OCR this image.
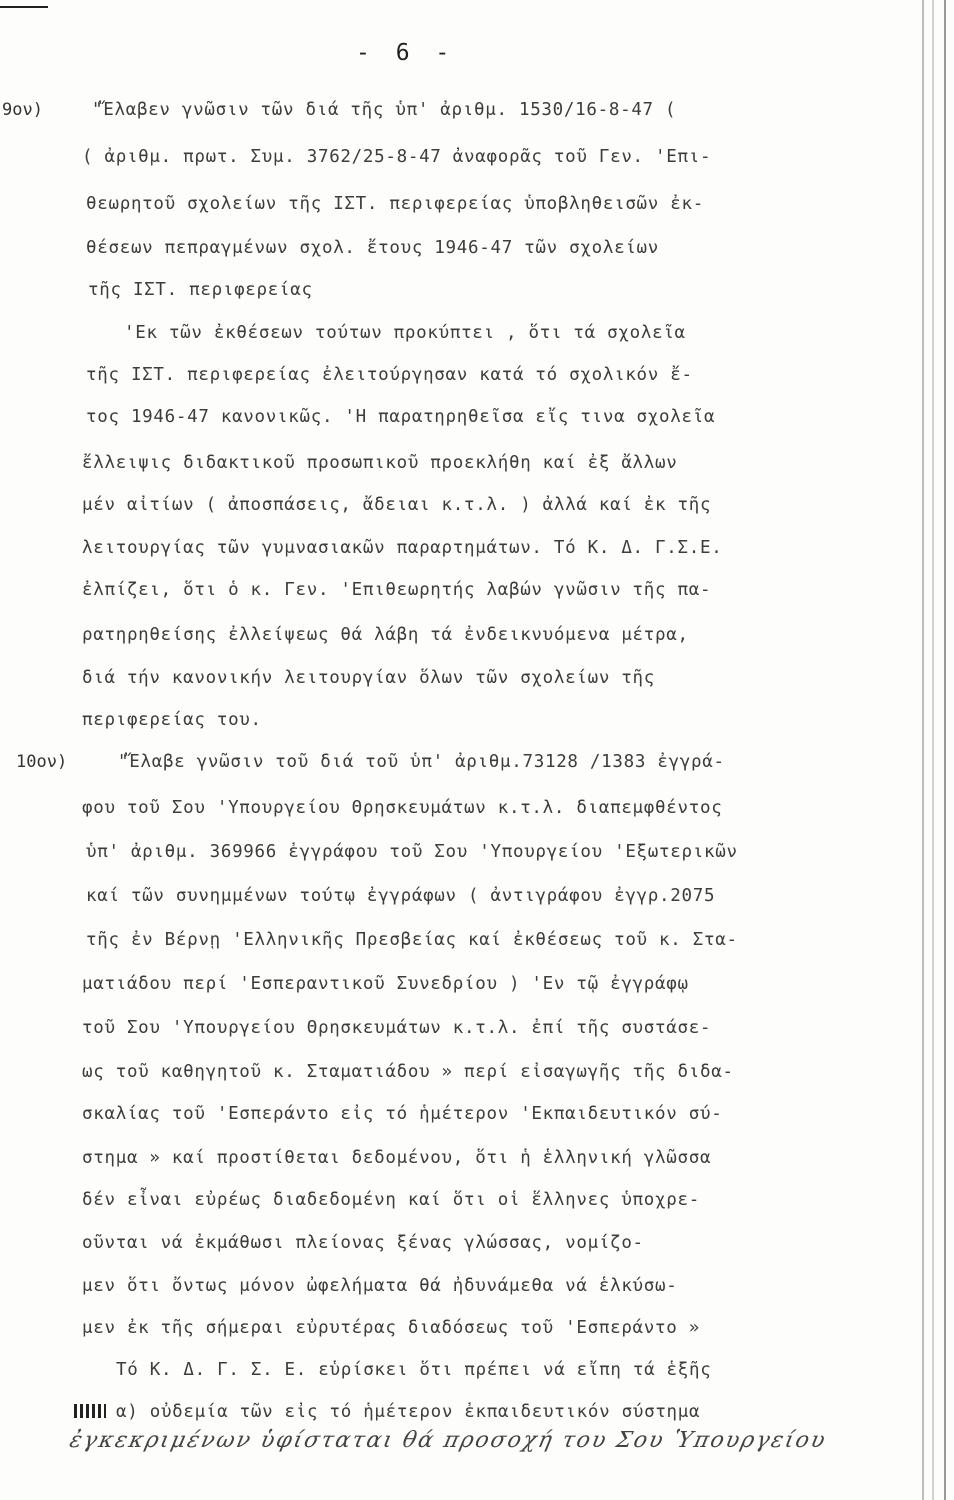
- 6 -
9ον)
10ον)
"Ἔλαβεν γνῶσιν τῶν διά τῆς ὑπ' ἀριθμ. 1530/16-8-47 (
( ἀριθμ. πρωτ. Συμ. 3762/25-8-47 ἀναφορᾶς τοῦ Γεν. 'Επι-
θεωρητοῦ σχολείων τῆς ΙΣΤ. περιφερείας ὑποβληθεισῶν ἐκ-
θέσεων πεπραγμένων σχολ. ἔτους 1946-47 τῶν σχολείων
τῆς ΙΣΤ. περιφερείας
'Εκ τῶν ἐκθέσεων τούτων προκύπτει , ὅτι τά σχολεῖα
τῆς ΙΣΤ. περιφερείας ἐλειτούργησαν κατά τό σχολικόν ἔ-
τος 1946-47 κανονικῶς. 'Η παρατηρηθεῖσα εἴς τινα σχολεῖα
ἔλλειψις διδακτικοῦ προσωπικοῦ προεκλήθη καί ἐξ ἄλλων
μέν αἰτίων ( ἀποσπάσεις, ἄδειαι κ.τ.λ. ) ἀλλά καί ἐκ τῆς
λειτουργίας τῶν γυμνασιακῶν παραρτημάτων. Τό Κ. Δ. Γ.Σ.Ε.
ἐλπίζει, ὅτι ὁ κ. Γεν. 'Επιθεωρητής λαβών γνῶσιν τῆς πα-
ρατηρηθείσης ἐλλείψεως θά λάβη τά ἐνδεικνυόμενα μέτρα,
διά τήν κανονικήν λειτουργίαν ὅλων τῶν σχολείων τῆς
περιφερείας του.
"Ἔλαβε γνῶσιν τοῦ διά τοῦ ὑπ' ἀριθμ.73128 /1383 ἐγγρά-
φου τοῦ Σου 'Υπουργείου Θρησκευμάτων κ.τ.λ. διαπεμφθέντος
ὑπ' ἀριθμ. 369966 ἐγγράφου τοῦ Σου 'Υπουργείου 'Εξωτερικῶν
καί τῶν συνημμένων τούτῳ ἐγγράφων ( ἀντιγράφου ἐγγρ.2075
τῆς ἐν Βέρνῃ 'Ελληνικῆς Πρεσβείας καί ἐκθέσεως τοῦ κ. Στα-
ματιάδου περί 'Εσπεραντικοῦ Συνεδρίου ) 'Εν τῷ ἐγγράφῳ
τοῦ Σου 'Υπουργείου Θρησκευμάτων κ.τ.λ. ἐπί τῆς συστάσε-
ως τοῦ καθηγητοῦ κ. Σταματιάδου » περί εἰσαγωγῆς τῆς διδα-
σκαλίας τοῦ 'Εσπεράντο εἰς τό ἡμέτερον 'Εκπαιδευτικόν σύ-
στημα » καί προστίθεται δεδομένου, ὅτι ἡ ἑλληνική γλῶσσα
δέν εἶναι εὐρέως διαδεδομένη καί ὅτι οἱ ἕλληνες ὑποχρε-
οῦνται νά ἐκμάθωσι πλείονας ξένας γλώσσας, νομίζο-
μεν ὅτι ὄντως μόνον ὠφελήματα θά ἠδυνάμεθα νά ἑλκύσω-
μεν ἐκ τῆς σήμεραι εὐρυτέρας διαδόσεως τοῦ 'Εσπεράντο »
Τό Κ. Δ. Γ. Σ. Ε. εὑρίσκει ὅτι πρέπει νά εἴπη τά ἑξῆς
α) οὐδεμία τῶν εἰς τό ἡμέτερον ἐκπαιδευτικόν σύστημα
ἐγκεκριμένων ὑφίσταται θά προσοχή του Σου Ὑπουργείου
